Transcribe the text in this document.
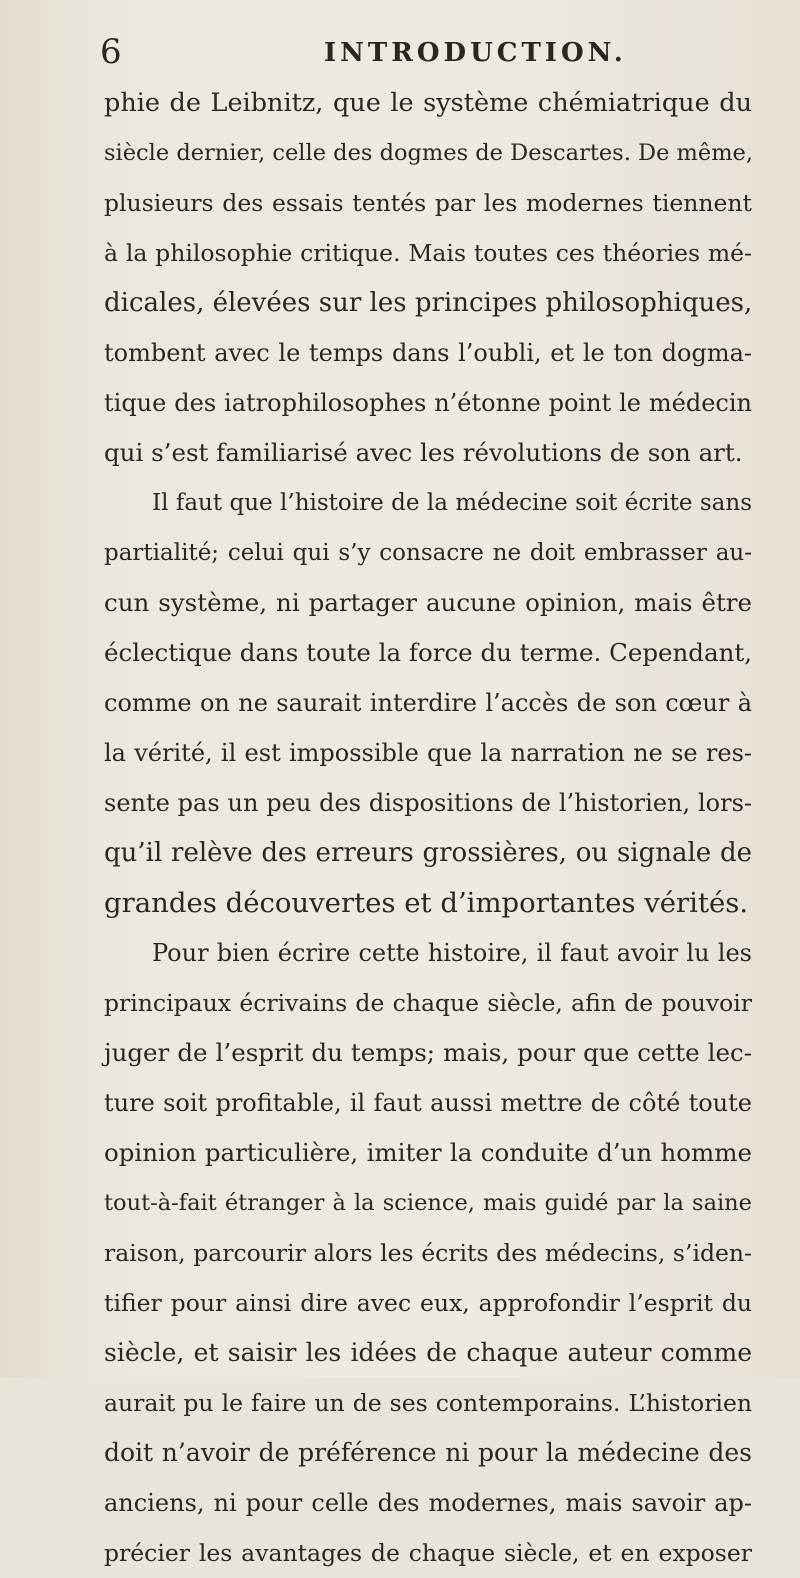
6	INTRODUCTION.
phie de Leibnitz, que le système chémiatrique du
siècle dernier, celle des dogmes de Descartes. De même,
plusieurs des essais tentés par les modernes tiennent
à la philosophie critique. Mais toutes ces théories mé-
dicales, élevées sur les principes philosophiques,
tombent avec le temps dans l’oubli, et le ton dogma-
tique des iatrophilosophes n’étonne point le médecin
qui s’est familiarisé avec les révolutions de son art.
Il faut que l’histoire de la médecine soit écrite sans
partialité; celui qui s’y consacre ne doit embrasser au-
cun système, ni partager aucune opinion, mais être
éclectique dans toute la force du terme. Cependant,
comme on ne saurait interdire l’accès de son cœur à
la vérité, il est impossible que la narration ne se res-
sente pas un peu des dispositions de l’historien, lors-
qu’il relève des erreurs grossières, ou signale de
grandes découvertes et d’importantes vérités.
Pour bien écrire cette histoire, il faut avoir lu les
principaux écrivains de chaque siècle, afin de pouvoir
juger de l’esprit du temps; mais, pour que cette lec-
ture soit profitable, il faut aussi mettre de côté toute
opinion particulière, imiter la conduite d’un homme
tout-à-fait étranger à la science, mais guidé par la saine
raison, parcourir alors les écrits des médecins, s’iden-
tifier pour ainsi dire avec eux, approfondir l’esprit du
siècle, et saisir les idées de chaque auteur comme
aurait pu le faire un de ses contemporains. L’historien
doit n’avoir de préférence ni pour la médecine des
anciens, ni pour celle des modernes, mais savoir ap-
précier les avantages de chaque siècle, et en exposer
